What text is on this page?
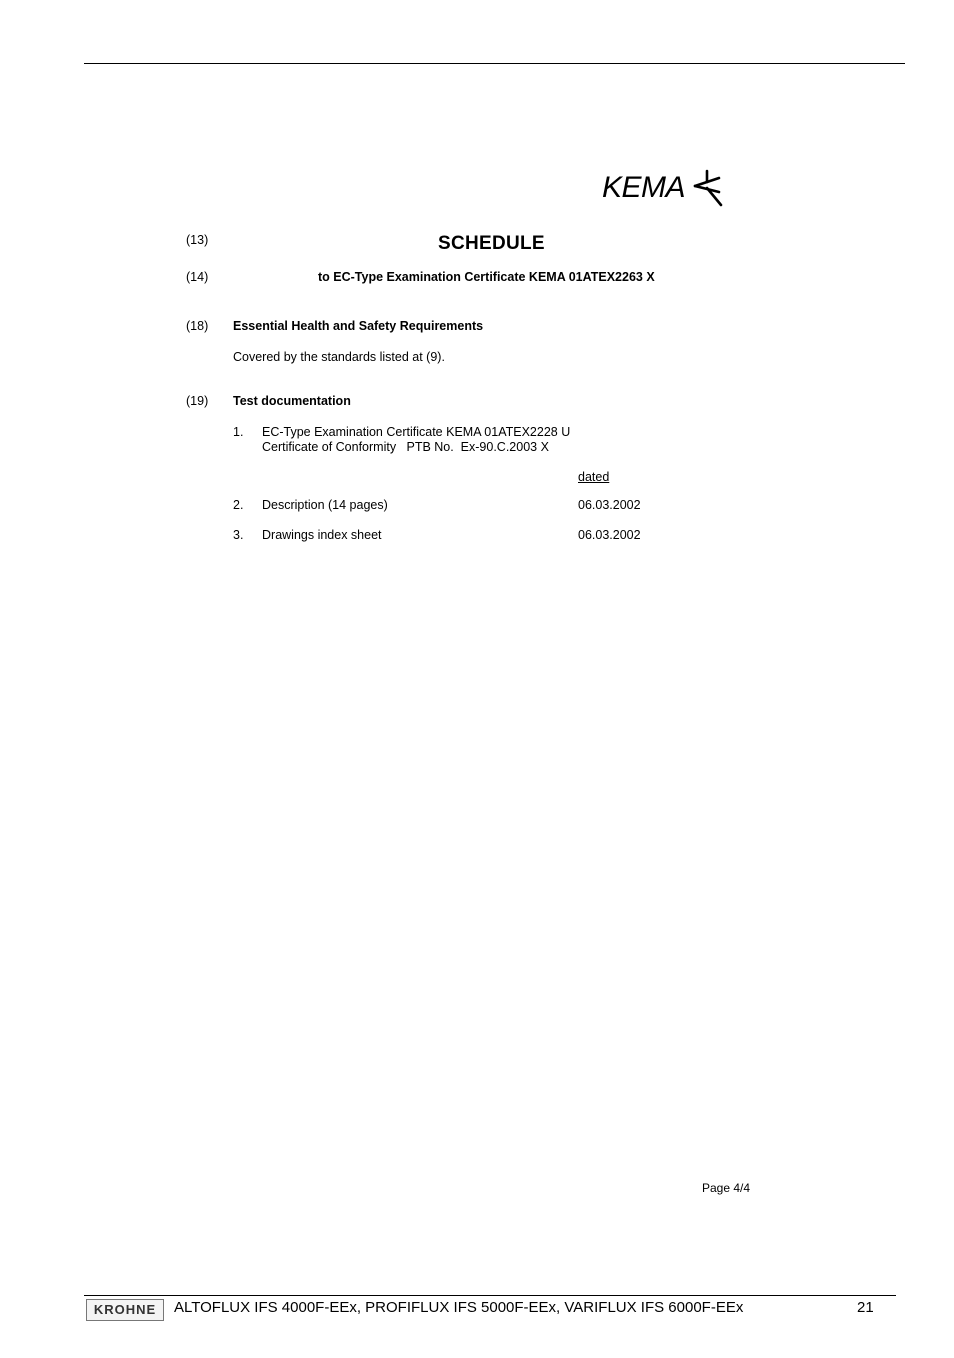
KEMA
(13)	SCHEDULE
(14)	to EC-Type Examination Certificate KEMA 01ATEX2263 X
(18) Essential Health and Safety Requirements
Covered by the standards listed at (9).
(19) Test documentation
1. EC-Type Examination Certificate KEMA 01ATEX2228 U
Certificate of Conformity   PTB No.  Ex-90.C.2003 X
dated
2. Description (14 pages)	06.03.2002
3. Drawings index sheet	06.03.2002
Page 4/4
KROHNE	ALTOFLUX IFS 4000F-EEx, PROFIFLUX IFS 5000F-EEx, VARIFLUX IFS 6000F-EEx	21
